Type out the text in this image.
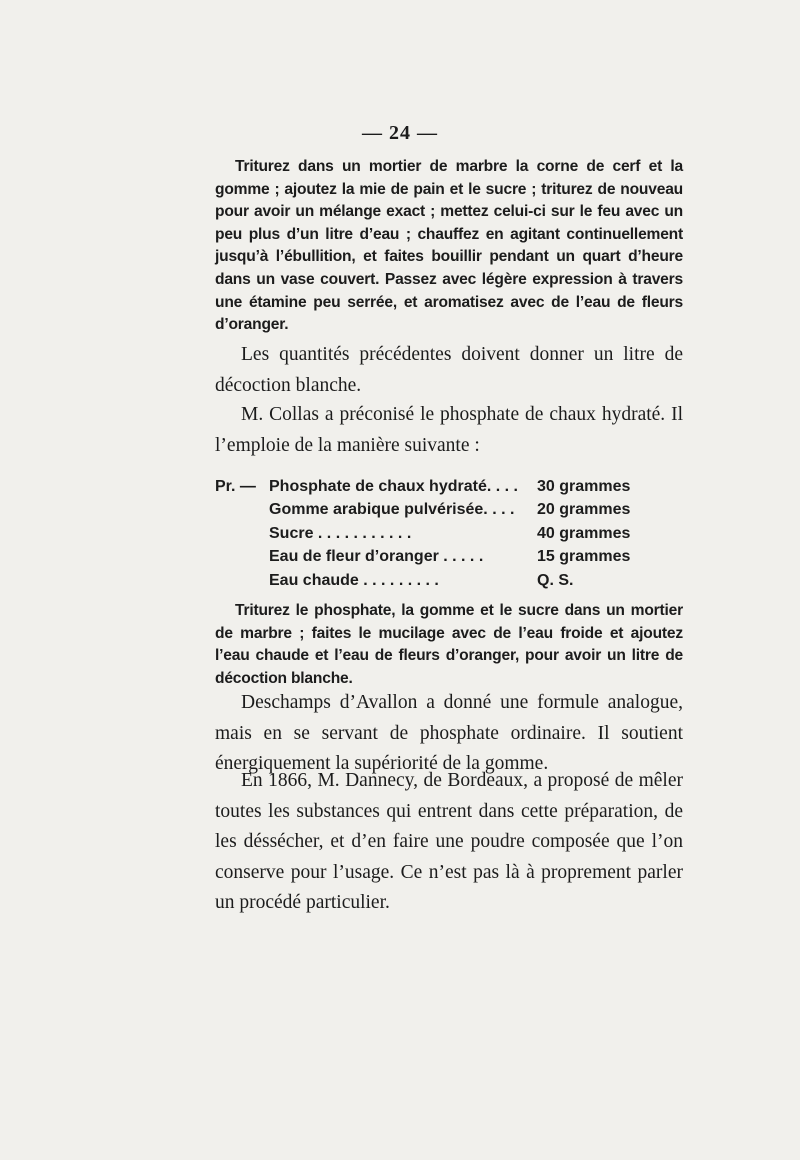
— 24 —
Triturez dans un mortier de marbre la corne de cerf et la gomme ; ajoutez la mie de pain et le sucre ; triturez de nouveau pour avoir un mélange exact ; mettez celui-ci sur le feu avec un peu plus d’un litre d’eau ; chauffez en agitant continuellement jusqu’à l’ébullition, et faites bouillir pendant un quart d’heure dans un vase couvert. Passez avec légère expression à travers une étamine peu serrée, et aromatisez avec de l’eau de fleurs d’oranger.

Les quantités précédentes doivent donner un litre de décoction blanche.

M. Collas a préconisé le phosphate de chaux hydraté. Il l’emploie de la manière suivante :

Pr. — Phosphate de chaux hydraté. . . .	30 grammes
Gomme arabique pulvérisée. . . .	20 grammes
Sucre . . . . . . . . . . .	40 grammes
Eau de fleur d’oranger . . . . .	15 grammes
Eau chaude . . . . . . . . .	Q. S.
Triturez le phosphate, la gomme et le sucre dans un mortier de marbre ; faites le mucilage avec de l’eau froide et ajoutez l’eau chaude et l’eau de fleurs d’oranger, pour avoir un litre de décoction blanche.

Deschamps d’Avallon a donné une formule analogue, mais en se servant de phosphate ordinaire. Il soutient énergiquement la supériorité de la gomme.

En 1866, M. Dannecy, de Bordeaux, a proposé de mêler toutes les substances qui entrent dans cette préparation, de les déssécher, et d’en faire une poudre composée que l’on conserve pour l’usage. Ce n’est pas là à proprement parler un procédé particulier.
